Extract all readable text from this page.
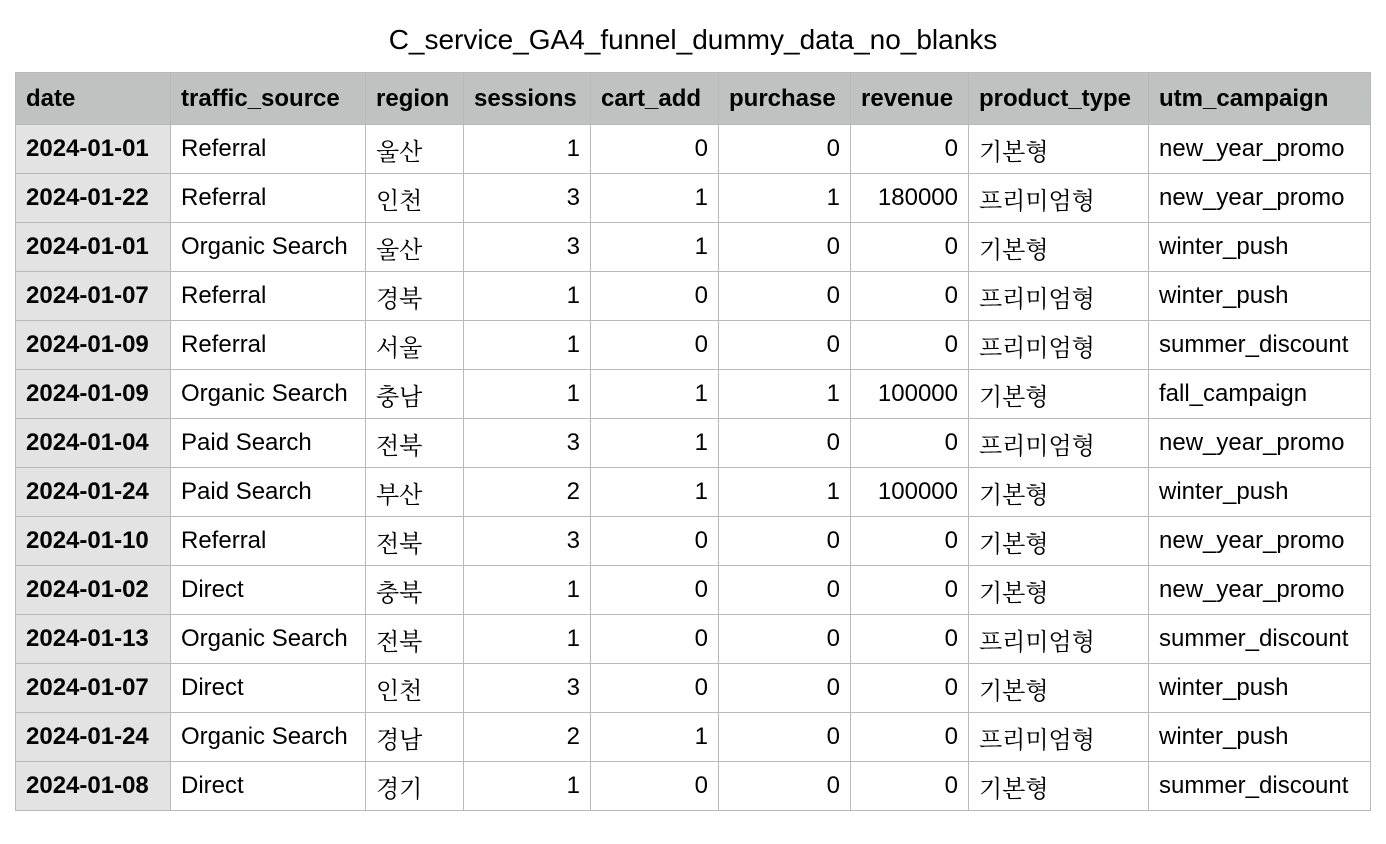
C_service_GA4_funnel_dummy_data_no_blanks
date	traffic_source	region	sessions	cart_add	purchase	revenue	product_type	utm_campaign
2024-01-01	Referral	울산	1	0	0	0	기본형	new_year_promo
2024-01-22	Referral	인천	3	1	1	180000	프리미엄형	new_year_promo
2024-01-01	Organic Search	울산	3	1	0	0	기본형	winter_push
2024-01-07	Referral	경북	1	0	0	0	프리미엄형	winter_push
2024-01-09	Referral	서울	1	0	0	0	프리미엄형	summer_discount
2024-01-09	Organic Search	충남	1	1	1	100000	기본형	fall_campaign
2024-01-04	Paid Search	전북	3	1	0	0	프리미엄형	new_year_promo
2024-01-24	Paid Search	부산	2	1	1	100000	기본형	winter_push
2024-01-10	Referral	전북	3	0	0	0	기본형	new_year_promo
2024-01-02	Direct	충북	1	0	0	0	기본형	new_year_promo
2024-01-13	Organic Search	전북	1	0	0	0	프리미엄형	summer_discount
2024-01-07	Direct	인천	3	0	0	0	기본형	winter_push
2024-01-24	Organic Search	경남	2	1	0	0	프리미엄형	winter_push
2024-01-08	Direct	경기	1	0	0	0	기본형	summer_discount
